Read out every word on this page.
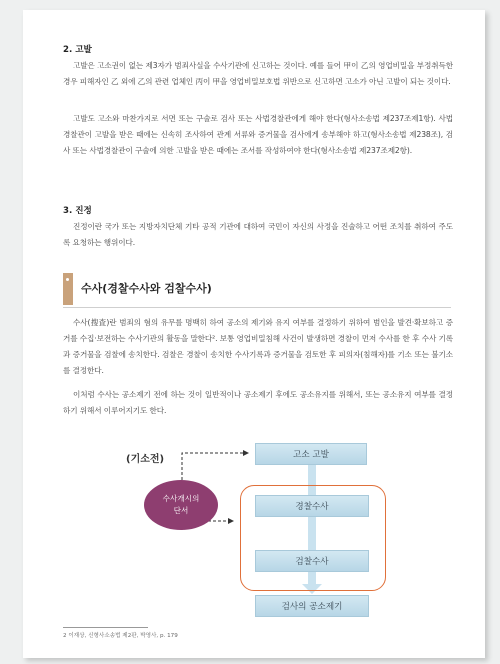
2. 고발

고발은 고소권이 없는 제3자가 범죄사실을 수사기관에 신고하는 것이다. 예를 들어 甲이 乙의 영업비밀을 부정취득한 경우 피해자인 乙 외에 乙의 관련 업체인 丙이 甲을 영업비밀보호법 위반으로 신고하면 고소가 아닌 고발이 되는 것이다.

고발도 고소와 마찬가지로 서면 또는 구술로 검사 또는 사법경찰관에게 해야 한다(형사소송법 제237조제1항). 사법경찰관이 고발을 받은 때에는 신속히 조사하여 관계 서류와 증거물을 검사에게 송부해야 하고(형사소송법 제238조), 검사 또는 사법경찰관이 구술에 의한 고발을 받은 때에는 조서를 작성하여야 한다(형사소송법 제237조제2항).

3. 진정

진정이란 국가 또는 지방자치단체 기타 공적 기관에 대하여 국민이 자신의 사정을 진술하고 어떤 조치를 취하여 주도록 요청하는 행위이다.

수사(경찰수사와 검찰수사)

수사(搜査)란 범죄의 혐의 유무를 명백히 하여 공소의 제기와 유지 여부를 결정하기 위하여 범인을 발견·확보하고 증거를 수집·보전하는 수사기관의 활동을 말한다². 보통 영업비밀침해 사건이 발생하면 경찰이 먼저 수사를 한 후 수사 기록과 증거물을 검찰에 송치한다. 검찰은 경찰이 송치한 수사기록과 증거물을 검토한 후 피의자(침해자)를 기소 또는 불기소를 결정한다.

이처럼 수사는 공소제기 전에 하는 것이 일반적이나 공소제기 후에도 공소유지를 위해서, 또는 공소유지 여부를 결정하기 위해서 이루어지기도 한다.

(기소전)	고소 고발
경찰수사
검찰수사
검사의 공소제기
수사개시의
단서
2 이재상, 신형사소송법 제2판, 박영사, p. 179
